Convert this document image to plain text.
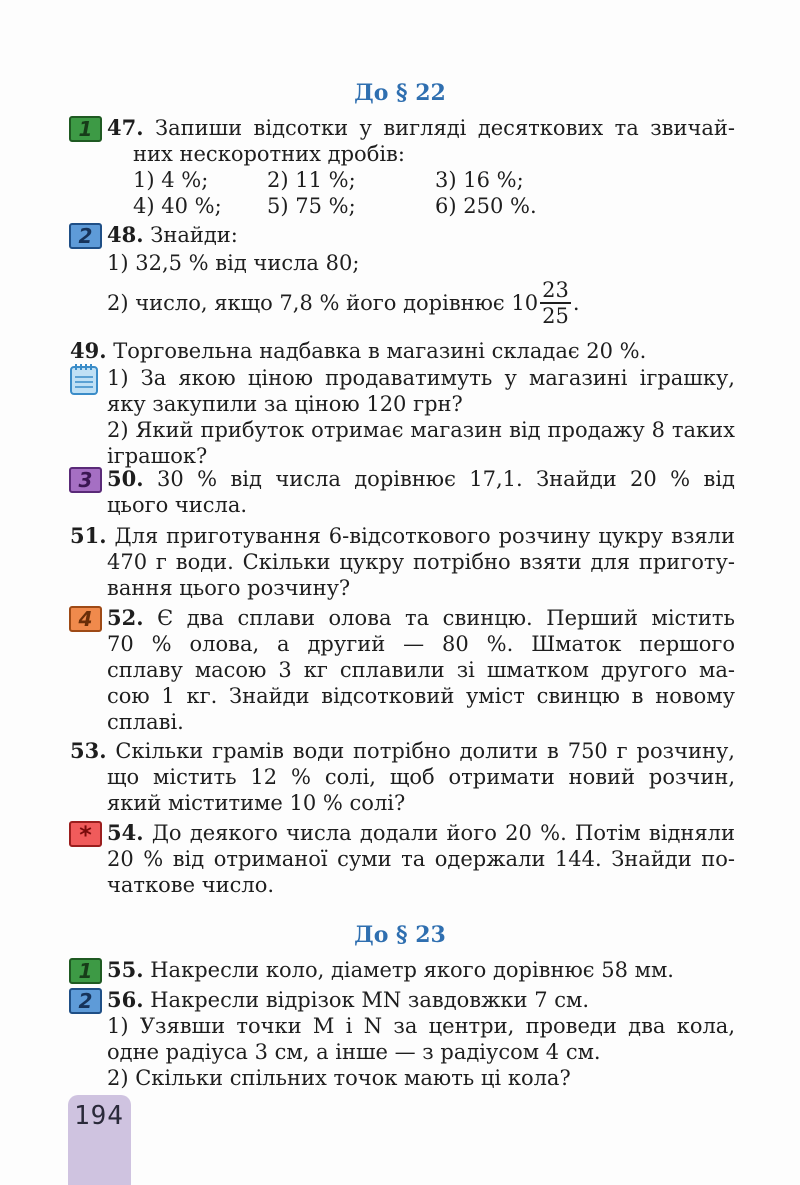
До § 22
1 47. Запиши відсотки у вигляді десяткових та звичай-
них нескоротних дробів:
1) 4 %;	2) 11 %;	3) 16 %;
4) 40 %; 5) 75 %;	6) 250 %.
2 48. Знайди:
1) 32,5 % від числа 80;
2) число, якщо 7,8 % його дорівнює $10 \frac{23}{25}$ .
49. Торговельна надбавка в магазині складає 20 %.
1) За якою ціною продаватимуть у магазині іграшку,
яку закупили за ціною 120 грн?
2) Який прибуток отримає магазин від продажу 8 таких
іграшок?
3 50. 30 % від числа дорівнює 17,1. Знайди 20 % від
цього числа.
51. Для приготування 6-відсоткового розчину цукру взяли
470 г води. Скільки цукру потрібно взяти для приготу-
вання цього розчину?
4 52. Є два сплави олова та свинцю. Перший містить
70 % олова, а другий — 80 %. Шматок першого
сплаву масою 3 кг сплавили зі шматком другого ма-
сою 1 кг. Знайди відсотковий уміст свинцю в новому
сплаві.
53. Скільки грамів води потрібно долити в 750 г розчину,
що містить 12 % солі, щоб отримати новий розчин,
який міститиме 10 % солі?
* 54. До деякого числа додали його 20 %. Потім відняли
20 % від отриманої суми та одержали 144. Знайди по-
чаткове число.
До § 23
1 55. Накресли коло, діаметр якого дорівнює 58 мм.
2 56. Накресли відрізок MN завдовжки 7 см.
1) Узявши точки M і N за центри, проведи два кола,
одне радіуса 3 см, а інше — з радіусом 4 см.
2) Скільки спільних точок мають ці кола?
194
